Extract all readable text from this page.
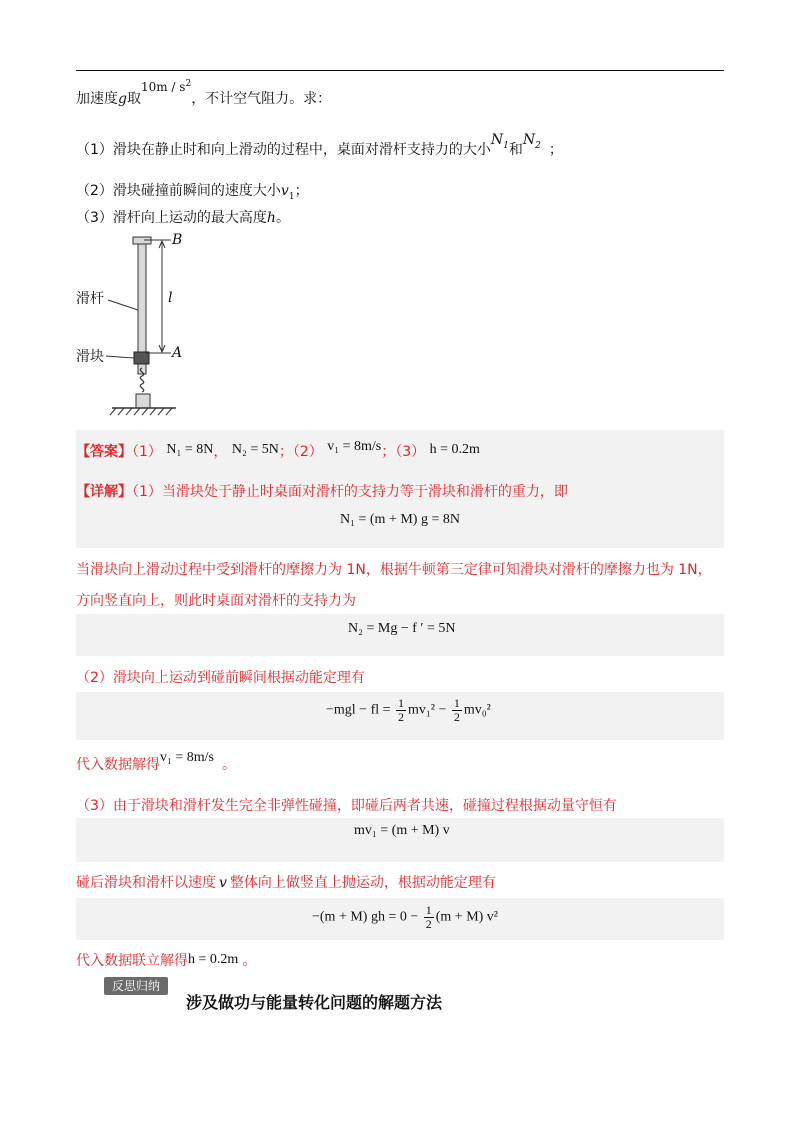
加速度g取$10m / s^2$，不计空气阻力。求：
（1）滑块在静止时和向上滑动的过程中，桌面对滑杆支持力的大小$N_1$和$N_2$ ；
（2）滑块碰撞前瞬间的速度大小$v_1$；
（3）滑杆向上运动的最大高度h。
滑杆
滑块
B
A
l
【答案】（1） N₁ = 8N， N₂ = 5N；（2） v₁ = 8m/s；（3） h = 0.2m
【详解】（1）当滑块处于静止时桌面对滑杆的支持力等于滑块和滑杆的重力，即
N₁ = (m + M) g = 8N
当滑块向上滑动过程中受到滑杆的摩擦力为 1N，根据牛顿第三定律可知滑块对滑杆的摩擦力也为 1N，
方向竖直向上，则此时桌面对滑杆的支持力为
N₂ = Mg − f ′ = 5N
（2）滑块向上运动到碰前瞬间根据动能定理有
−mgl − fl = $\frac{1}{2} mv_1^2 - \frac{1}{2} mv_0^2$
代入数据解得v₁ = 8m/s 。
（3）由于滑块和滑杆发生完全非弹性碰撞，即碰后两者共速，碰撞过程根据动量守恒有
mv₁ = (m + M) v
碰后滑块和滑杆以速度 v 整体向上做竖直上抛运动，根据动能定理有
−(m + M) gh = $0 - \frac{1}{2} (m + M)$ v²
代入数据联立解得h = 0.2m 。
反思归纳
涉及做功与能量转化问题的解题方法
